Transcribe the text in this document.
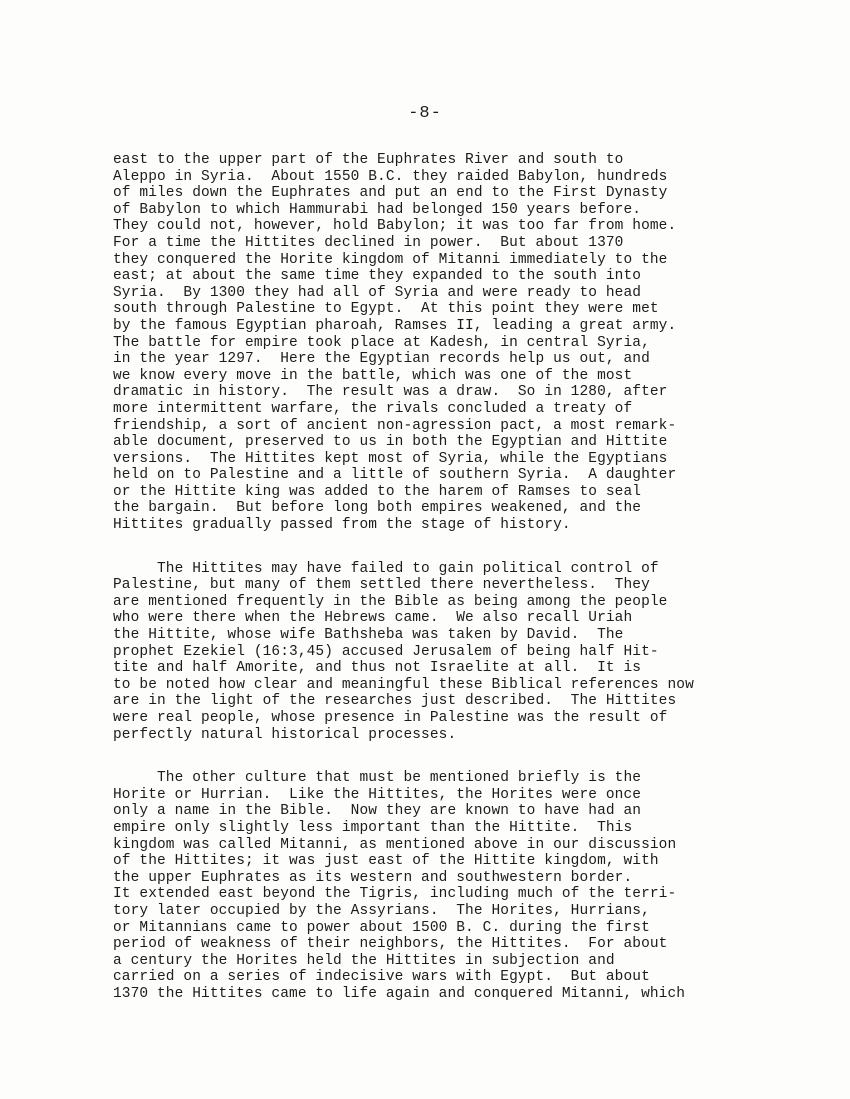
-8-
east to the upper part of the Euphrates River and south to
Aleppo in Syria.  About 1550 B.C. they raided Babylon, hundreds
of miles down the Euphrates and put an end to the First Dynasty
of Babylon to which Hammurabi had belonged 150 years before.
They could not, however, hold Babylon; it was too far from home.
For a time the Hittites declined in power.  But about 1370
they conquered the Horite kingdom of Mitanni immediately to the
east; at about the same time they expanded to the south into
Syria.  By 1300 they had all of Syria and were ready to head
south through Palestine to Egypt.  At this point they were met
by the famous Egyptian pharoah, Ramses II, leading a great army.
The battle for empire took place at Kadesh, in central Syria,
in the year 1297.  Here the Egyptian records help us out, and
we know every move in the battle, which was one of the most
dramatic in history.  The result was a draw.  So in 1280, after
more intermittent warfare, the rivals concluded a treaty of
friendship, a sort of ancient non-agression pact, a most remark-
able document, preserved to us in both the Egyptian and Hittite
versions.  The Hittites kept most of Syria, while the Egyptians
held on to Palestine and a little of southern Syria.  A daughter
or the Hittite king was added to the harem of Ramses to seal
the bargain.  But before long both empires weakened, and the
Hittites gradually passed from the stage of history.
The Hittites may have failed to gain political control of
Palestine, but many of them settled there nevertheless.  They
are mentioned frequently in the Bible as being among the people
who were there when the Hebrews came.  We also recall Uriah
the Hittite, whose wife Bathsheba was taken by David.  The
prophet Ezekiel (16:3,45) accused Jerusalem of being half Hit-
tite and half Amorite, and thus not Israelite at all.  It is
to be noted how clear and meaningful these Biblical references now
are in the light of the researches just described.  The Hittites
were real people, whose presence in Palestine was the result of
perfectly natural historical processes.
The other culture that must be mentioned briefly is the
Horite or Hurrian.  Like the Hittites, the Horites were once
only a name in the Bible.  Now they are known to have had an
empire only slightly less important than the Hittite.  This
kingdom was called Mitanni, as mentioned above in our discussion
of the Hittites; it was just east of the Hittite kingdom, with
the upper Euphrates as its western and southwestern border.
It extended east beyond the Tigris, including much of the terri-
tory later occupied by the Assyrians.  The Horites, Hurrians,
or Mitannians came to power about 1500 B. C. during the first
period of weakness of their neighbors, the Hittites.  For about
a century the Horites held the Hittites in subjection and
carried on a series of indecisive wars with Egypt.  But about
1370 the Hittites came to life again and conquered Mitanni, which
